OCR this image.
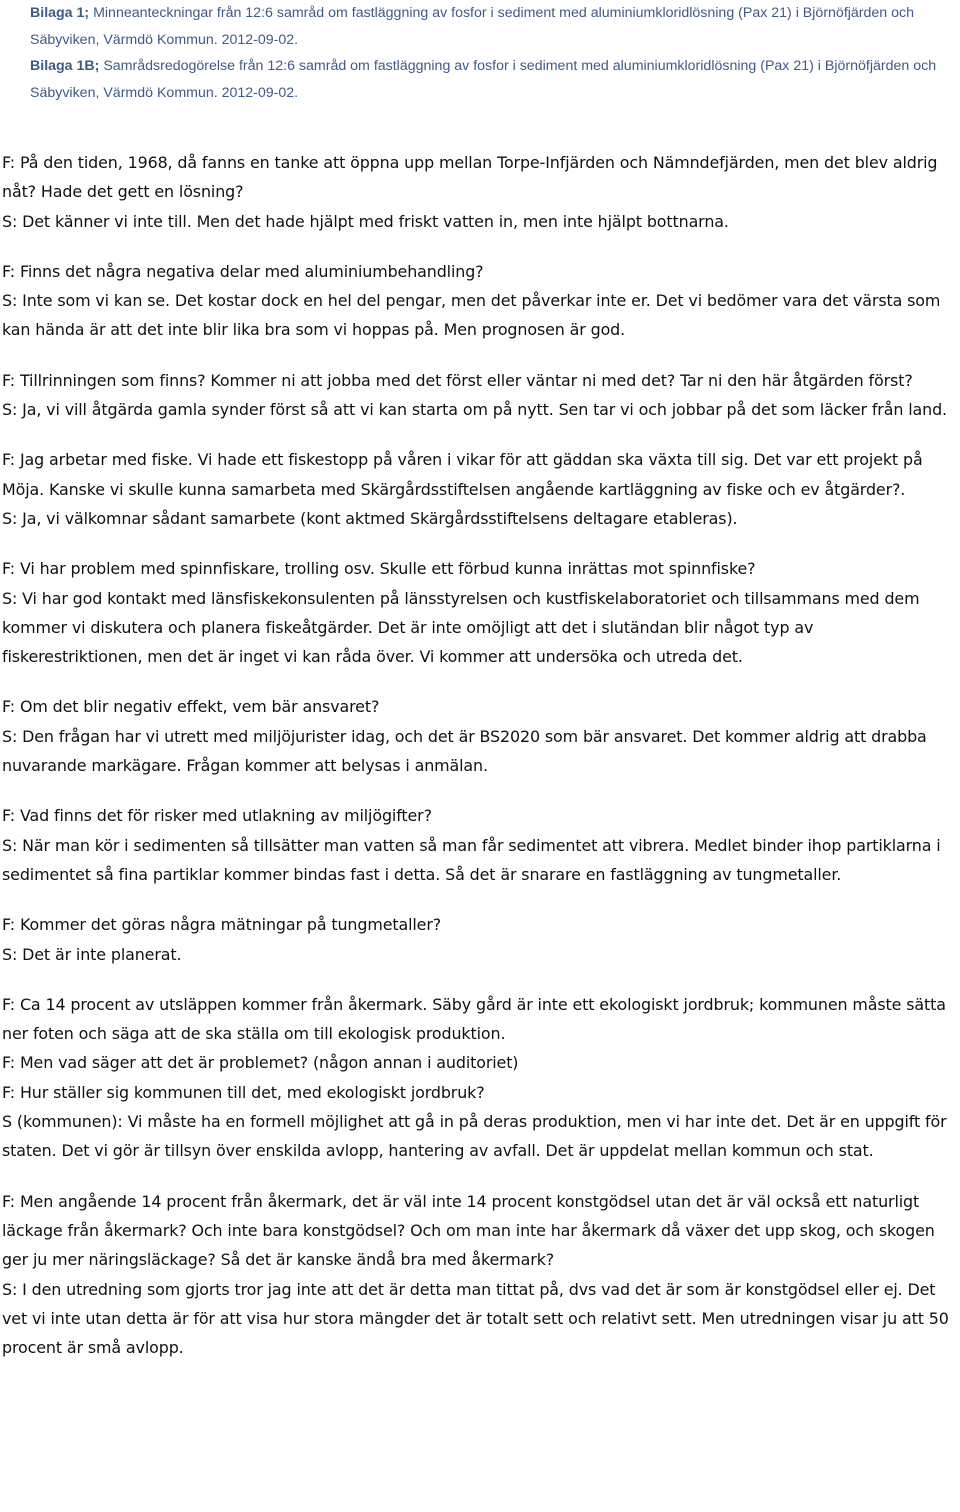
Bilaga 1; Minneanteckningar från 12:6 samråd om fastläggning av fosfor i sediment med aluminiumkloridlösning (Pax 21) i Björnöfjärden och Säbyviken, Värmdö Kommun. 2012-09-02.

Bilaga 1B; Samrådsredogörelse från 12:6 samråd om fastläggning av fosfor i sediment med aluminiumkloridlösning (Pax 21) i Björnöfjärden och Säbyviken, Värmdö Kommun. 2012-09-02.

F: På den tiden, 1968, då fanns en tanke att öppna upp mellan Torpe-Infjärden och Nämndefjärden, men det blev aldrig nåt? Hade det gett en lösning?

S: Det känner vi inte till. Men det hade hjälpt med friskt vatten in, men inte hjälpt bottnarna.

F: Finns det några negativa delar med aluminiumbehandling?

S: Inte som vi kan se. Det kostar dock en hel del pengar, men det påverkar inte er. Det vi bedömer vara det värsta som kan hända är att det inte blir lika bra som vi hoppas på. Men prognosen är god.

F: Tillrinningen som finns? Kommer ni att jobba med det först eller väntar ni med det? Tar ni den här åtgärden först?

S: Ja, vi vill åtgärda gamla synder först så att vi kan starta om på nytt. Sen tar vi och jobbar på det som läcker från land.

F: Jag arbetar med fiske. Vi hade ett fiskestopp på våren i vikar för att gäddan ska växta till sig. Det var ett projekt på Möja. Kanske vi skulle kunna samarbeta med Skärgårdsstiftelsen angående kartläggning av fiske och ev åtgärder?.

S: Ja, vi välkomnar sådant samarbete (kont aktmed Skärgårdsstiftelsens deltagare etableras).

F: Vi har problem med spinnfiskare, trolling osv. Skulle ett förbud kunna inrättas mot spinnfiske?

S: Vi har god kontakt med länsfiskekonsulenten på länsstyrelsen och kustfiskelaboratoriet och tillsammans med dem kommer vi diskutera och planera fiskeåtgärder. Det är inte omöjligt att det i slutändan blir något typ av fiskerestriktionen, men det är inget vi kan råda över. Vi kommer att undersöka och utreda det.

F: Om det blir negativ effekt, vem bär ansvaret?

S: Den frågan har vi utrett med miljöjurister idag, och det är BS2020 som bär ansvaret. Det kommer aldrig att drabba nuvarande markägare. Frågan kommer att belysas i anmälan.

F: Vad finns det för risker med utlakning av miljögifter?

S: När man kör i sedimenten så tillsätter man vatten så man får sedimentet att vibrera. Medlet binder ihop partiklarna i sedimentet så fina partiklar kommer bindas fast i detta. Så det är snarare en fastläggning av tungmetaller.

F: Kommer det göras några mätningar på tungmetaller?

S: Det är inte planerat.

F: Ca 14 procent av utsläppen kommer från åkermark. Säby gård är inte ett ekologiskt jordbruk; kommunen måste sätta ner foten och säga att de ska ställa om till ekologisk produktion.

F: Men vad säger att det är problemet? (någon annan i auditoriet)

F: Hur ställer sig kommunen till det, med ekologiskt jordbruk?

S (kommunen): Vi måste ha en formell möjlighet att gå in på deras produktion, men vi har inte det. Det är en uppgift för staten. Det vi gör är tillsyn över enskilda avlopp, hantering av avfall. Det är uppdelat mellan kommun och stat.

F: Men angående 14 procent från åkermark, det är väl inte 14 procent konstgödsel utan det är väl också ett naturligt läckage från åkermark? Och inte bara konstgödsel? Och om man inte har åkermark då växer det upp skog, och skogen ger ju mer näringsläckage? Så det är kanske ändå bra med åkermark?

S: I den utredning som gjorts tror jag inte att det är detta man tittat på, dvs vad det är som är konstgödsel eller ej. Det vet vi inte utan detta är för att visa hur stora mängder det är totalt sett och relativt sett. Men utredningen visar ju att 50 procent är små avlopp.
